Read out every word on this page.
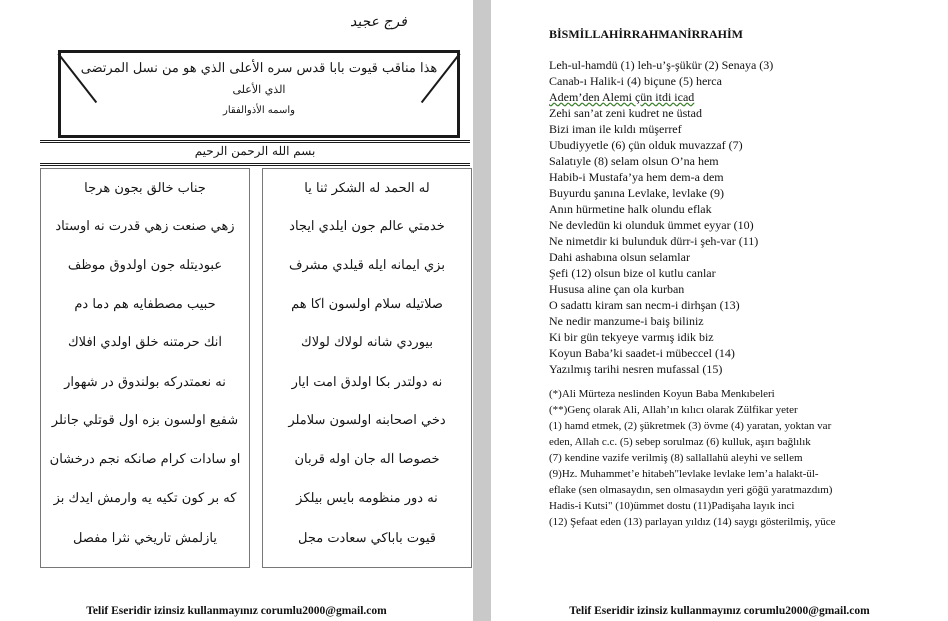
فرج عجيد
هذا مناقب قيوت بابا قدس سره الأعلى الذي هو من نسل المرتضى
الذي الأعلى
واسمه الأذوالفقار
بسم الله الرحمن الرحيم
له الحمد له الشكر ثنا يا
خدمتي عالم جون ايلدي ايجاد
بزي ايمانه ايله قيلدي مشرف
صلاتيله سلام اولسون آكا هم
بيوردي شانه لولاك لولاك
نه دولتدر بكا اولدق امت ايار
دخي اصحابنه اولسون سلاملر
خصوصا آله جان اوله قربان
نه دور منظومه بايس بيلكز
قيوت باباكي سعادت مجل
جناب خالق بجون هرجا
زهي صنعت زهي قدرت نه اوستاد
عبوديتله جون اولدوق موظف
حبيب مصطفايه هم دما دم
آنك حرمتنه خلق اولدي افلاك
نه نعمتدركه بولندوق در شهوار
شفيع اولسون بزه اول قوتلي جانلر
او سادات كرام صانكه نجم درخشان
كه بر كون تكيه يه وارمش ايدك بز
يازلمش تاريخي نثرا مفصل
Telif Eseridir izinsiz kullanmayınız corumlu2000@gmail.com
BİSMİLLAHİRRAHMANİRRAHİM
Leh-ul-hamdü (1) leh-u’ş-şükür (2) Senaya (3)
Canab-ı Halik-i (4) biçune (5) herca
Adem’den Alemi çün itdi icad
Zehi san’at zeni kudret ne üstad
Bizi iman ile kıldı müşerref
Ubudiyyetle (6) çün olduk muvazzaf (7)
Salatıyle (8) selam olsun O’na hem
Habib-i Mustafa’ya hem dem-a dem
Buyurdu şanına Levlake, levlake (9)
Anın hürmetine halk olundu eflak
Ne devledün ki olunduk ümmet eyyar (10)
Ne nimetdir ki bulunduk dürr-i şeh-var (11)
Dahi ashabına olsun selamlar
Şefi (12) olsun bize ol kutlu canlar
Hususa aline çan ola kurban
O sadattı kiram san necm-i dirhşan (13)
Ne nedir manzume-i baiş biliniz
Ki bir gün tekyeye varmış idik biz
Koyun Baba’ki saadet-i mübeccel (14)
Yazılmış tarihi nesren mufassal (15)
(*)Ali Mürteza neslinden Koyun Baba Menkıbeleri
(**)Genç olarak Ali, Allah’ın kılıcı olarak Zülfikar yeter
(1) hamd etmek, (2) şükretmek (3) övme (4) yaratan, yoktan var
eden, Allah c.c. (5) sebep sorulmaz (6) kulluk, aşırı bağlılık
(7) kendine vazife verilmiş (8) sallallahü aleyhi ve sellem
(9)Hz. Muhammet’e hitabeh"levlake levlake lem’a halakt-ül-
eflake (sen olmasaydın, sen olmasaydın yeri göğü yaratmazdım)
Hadis-i Kutsi" (10)ümmet dostu (11)Padişaha layık inci
(12) Şefaat eden (13) parlayan yıldız (14) saygı gösterilmiş, yüce
Telif Eseridir izinsiz kullanmayınız corumlu2000@gmail.com
